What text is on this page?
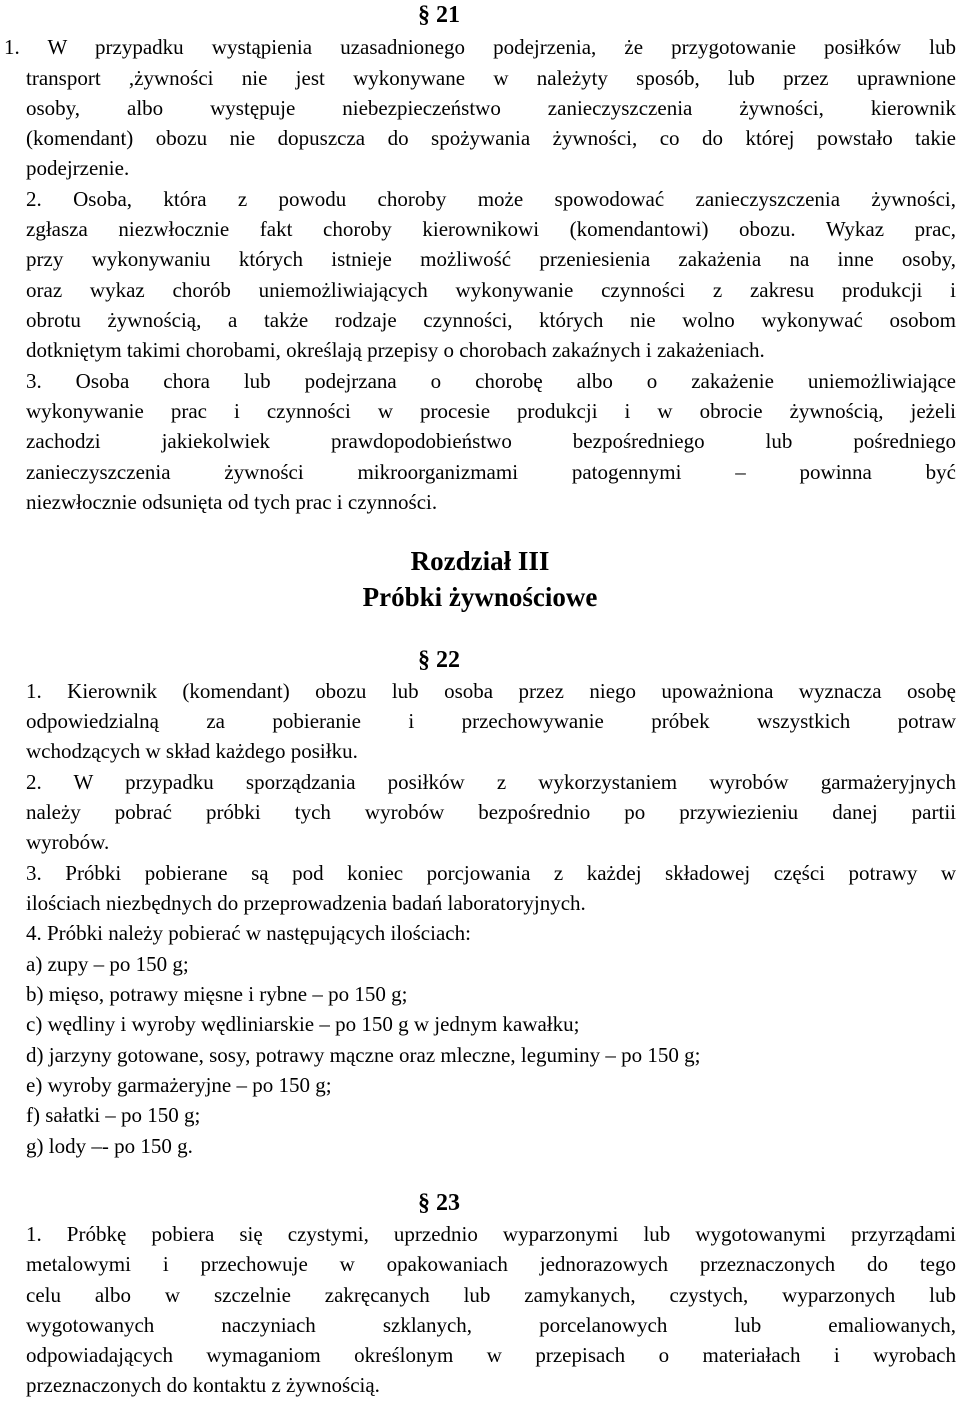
§ 21
1. W przypadku wystąpienia uzasadnionego podejrzenia, że przygotowanie posiłków lub
transport ,żywności nie jest wykonywane w należyty sposób, lub przez uprawnione
osoby, albo występuje niebezpieczeństwo zanieczyszczenia żywności, kierownik
(komendant) obozu nie dopuszcza do spożywania żywności, co do której powstało takie
podejrzenie.
2. Osoba, która z powodu choroby może spowodować zanieczyszczenia żywności,
zgłasza niezwłocznie fakt choroby kierownikowi (komendantowi) obozu. Wykaz prac,
przy wykonywaniu których istnieje możliwość przeniesienia zakażenia na inne osoby,
oraz wykaz chorób uniemożliwiających wykonywanie czynności z zakresu produkcji i
obrotu żywnością, a także rodzaje czynności, których nie wolno wykonywać osobom
dotkniętym takimi chorobami, określają przepisy o chorobach zakaźnych i zakażeniach.
3. Osoba chora lub podejrzana o chorobę albo o zakażenie uniemożliwiające
wykonywanie prac i czynności w procesie produkcji i w obrocie żywnością, jeżeli
zachodzi jakiekolwiek prawdopodobieństwo bezpośredniego lub pośredniego
zanieczyszczenia żywności mikroorganizmami patogennymi – powinna być
niezwłocznie odsunięta od tych prac i czynności.
Rozdział III
Próbki żywnościowe
§ 22
1. Kierownik (komendant) obozu lub osoba przez niego upoważniona wyznacza osobę
odpowiedzialną za pobieranie i przechowywanie próbek wszystkich potraw
wchodzących w skład każdego posiłku.
2. W przypadku sporządzania posiłków z wykorzystaniem wyrobów garmażeryjnych
należy pobrać próbki tych wyrobów bezpośrednio po przywiezieniu danej partii
wyrobów.
3. Próbki pobierane są pod koniec porcjowania z każdej składowej części potrawy w
ilościach niezbędnych do przeprowadzenia badań laboratoryjnych.
4. Próbki należy pobierać w następujących ilościach:
a) zupy – po 150 g;
b) mięso, potrawy mięsne i rybne – po 150 g;
c) wędliny i wyroby wędliniarskie – po 150 g w jednym kawałku;
d) jarzyny gotowane, sosy, potrawy mączne oraz mleczne, leguminy – po 150 g;
e) wyroby garmażeryjne – po 150 g;
f) sałatki – po 150 g;
g) lody –- po 150 g.
§ 23
1. Próbkę pobiera się czystymi, uprzednio wyparzonymi lub wygotowanymi przyrządami
metalowymi i przechowuje w opakowaniach jednorazowych przeznaczonych do tego
celu albo w szczelnie zakręcanych lub zamykanych, czystych, wyparzonych lub
wygotowanych naczyniach szklanych, porcelanowych lub emaliowanych,
odpowiadających wymaganiom określonym w przepisach o materiałach i wyrobach
przeznaczonych do kontaktu z żywnością.
